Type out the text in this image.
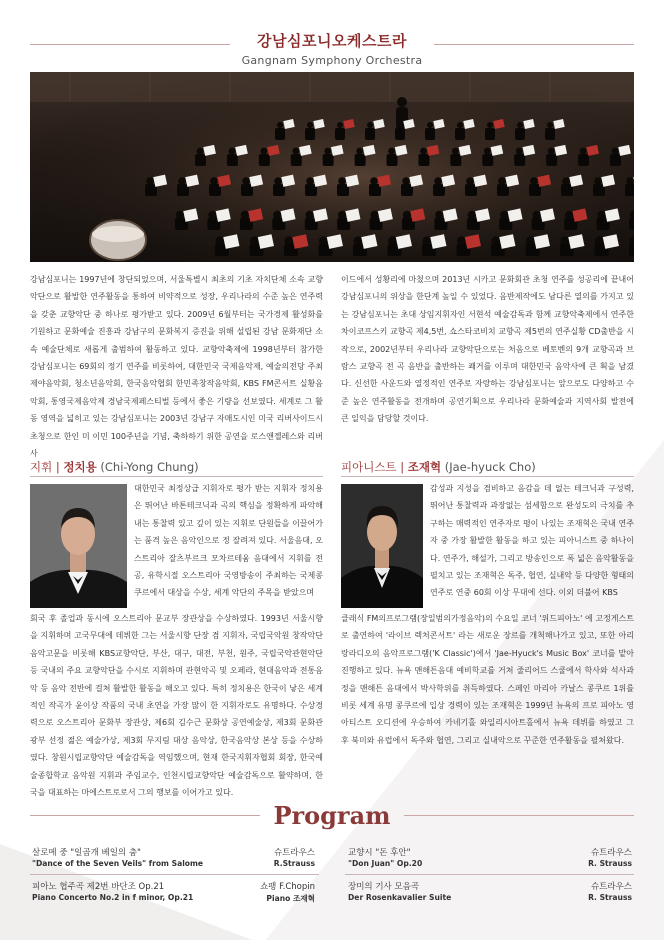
강남심포니오케스트라
Gangnam Symphony Orchestra
강남심포니는 1997년에 창단되었으며, 서울특별시 최초의 기초 자치단체 소속 교향악단으로 활발한 연주활동을 통하여 비약적으로 성장, 우리나라의 수준 높은 연주력을 갖춘 교향악단 중 하나로 평가받고 있다. 2009년 6월부터는 국가경제 활성화를 기원하고 문화예술 진흥과 강남구의 문화복지 증진을 위해 설립된 강남 문화재단 소속 예술단체로 새롭게 출범하여 활동하고 있다. 교향악축제에 1998년부터 참가한 강남심포니는 69회의 정기 연주를 비롯하여, 대한민국 국제음악제, 예술의전당 주최 제야음악회, 청소년음악회, 한국음악협회 한민족창작음악회, KBS FM콘서트 실황음악회, 통영국제음악제 경남국제페스티벌 등에서 좋은 기량을 선보였다. 세계로 그 활동 영역을 넓히고 있는 강남심포니는 2003년 강남구 자매도시인 미국 리버사이드시 초청으로 한인 미 이민 100주년을 기념, 축하하기 위한 공연을 로스앤젤레스와 리버사
이드에서 성황리에 마쳤으며 2013년 시카고 문화회관 초청 연주를 성공리에 끝내어 강남심포니의 위상을 한단계 높일 수 있었다. 음반제작에도 남다른 열의를 가지고 있는 강남심포니는 초대 상임지휘자인 서현석 예술감독과 함께 교향악축제에서 연주한 차이코프스키 교향곡 제4,5번, 쇼스타코비치 교향곡 제5번의 연주실황 CD출반을 시작으로, 2002년부터 우리나라 교향악단으로는 처음으로 베토벤의 9개 교향곡과 브람스 교향곡 전 곡 음반을 출반하는 쾌거를 이루며 대한민국 음악사에 큰 획을 남겼다. 신선한 사운드와 열정적인 연주로 자랑하는 강남심포니는 앞으로도 다양하고 수준 높은 연주활동을 전개하며 공연기획으로 우리나라 문화예술과 지역사회 발전에 큰 일익을 담당할 것이다.
지휘 | 정치용 (Chi-Yong Chung)
대한민국 최정상급 지휘자로 평가 받는 지휘자 정치용은 뛰어난 바톤테크닉과 곡의 핵심을 정확하게 파악해내는 통찰력 있고 깊이 있는 지휘로 단원들을 이끌어가는 품격 높은 음악인으로 정 잘려져 있다. 서울음대, 오스트리아 잘츠부르크 모차르테움 음대에서 지휘를 전공, 유학시절 오스트리아 국영방송이 주최하는 국제콩쿠르에서 대상을 수상, 세계 악단의 주목을 받았으며
회국 후 졸업과 동시에 오스트리아 문교부 장관상을 수상하였다. 1993년 서울시향을 지휘하며 고국무대에 데뷔한 그는 서울시향 단장 겸 지휘자, 국립국악원 창작악단 음악고문을 비롯해 KBS교향악단, 부산, 대구, 대전, 부천, 원주, 국립국악관현악단 등 국내의 주요 교향악단을 수시로 지휘하며 관현악곡 및 오페라, 현대음악과 전통음악 등 음악 전반에 걸쳐 활발한 활동을 해오고 있다. 특히 정치용은 한국이 낳은 세계적인 작곡가 윤이상 작품의 국내 초연을 가장 많이 한 지휘자로도 유명하다. 수상경력으로 오스트리아 문화부 장관상, 제6회 김수근 문화상 공연예술상, 제3회 문화관광부 선정 젊은 예술가상, 제3회 무지림 대상 음악상, 한국음악상 본상 등을 수상하였다. 창원시립교향악단 예술감독을 역임했으며, 현재 한국지휘자협회 회장, 한국예술종합학교 음악원 지휘과 주임교수, 인천시립교향악단 예술감독으로 활약하며, 한국을 대표하는 마에스트로로서 그의 행보를 이어가고 있다.
피아니스트 | 조재혁 (Jae-hyuck Cho)
감성과 지성을 겸비하고 음감을 데 없는 테크닉과 구성력, 뛰어난 통찰력과 과장없는 섬세함으로 완성도의 극치를 추구하는 매력적인 연주자로 평이 나있는 조재혁은 국내 연주자 중 가장 활발한 활동을 하고 있는 피아니스트 중 하나이다. 연주가, 해설가, 그리고 방송인으로 폭 넓은 음악활동을 펼치고 있는 조재혁은 독주, 협연, 실내악 등 다양한 형태의 연주로 연중 60회 이상 무대에 선다. 이외 더불어 KBS
클래식 FM의프로그램(장일범의가정음악)의 수요일 코너 '위드피아노' 에 고정게스트로 출연하여 '라이브 렉처콘서트' 라는 새로운 장르를 개척해나가고 있고, 또한 아리랑라디오의 음악프로그램('K Classic')에서 'Jae-Hyuck's Music Box' 코너를 맡아 진행하고 있다. 뉴욕 맨해튼음대 예비학교를 거쳐 줄리어드 스쿨에서 학사와 석사과정을 맨해튼 음대에서 박사학위를 취득하였다. 스페인 마리아 카날스 콩쿠르 1위를 비롯 세계 유명 콩쿠르에 입상 경력이 있는 조재혁은 1999년 뉴욕의 프로 피아노 영아티스트 오디션에 우승하여 카네기홀 와일리시아트홀에서 뉴욕 데뷔를 하였고 그 후 북미와 유럽에서 독주와 협연, 그리고 실내악으로 꾸준한 연주활동을 펼쳐왔다.
Program
살로메 중 "일곱개 베일의 춤"
"Dance of the Seven Veils" from Salome
슈트라우스
R.Strauss
피아노 협주곡 제2번 바단조 Op.21
Piano Concerto No.2 in f minor, Op.21
쇼팽 F.Chopin
Piano 조재혁
교향시 "돈 후안"
"Don Juan" Op.20
슈트라우스
R. Strauss
장미의 기사 모음곡
Der Rosenkavalier Suite
슈트라우스
R. Strauss
